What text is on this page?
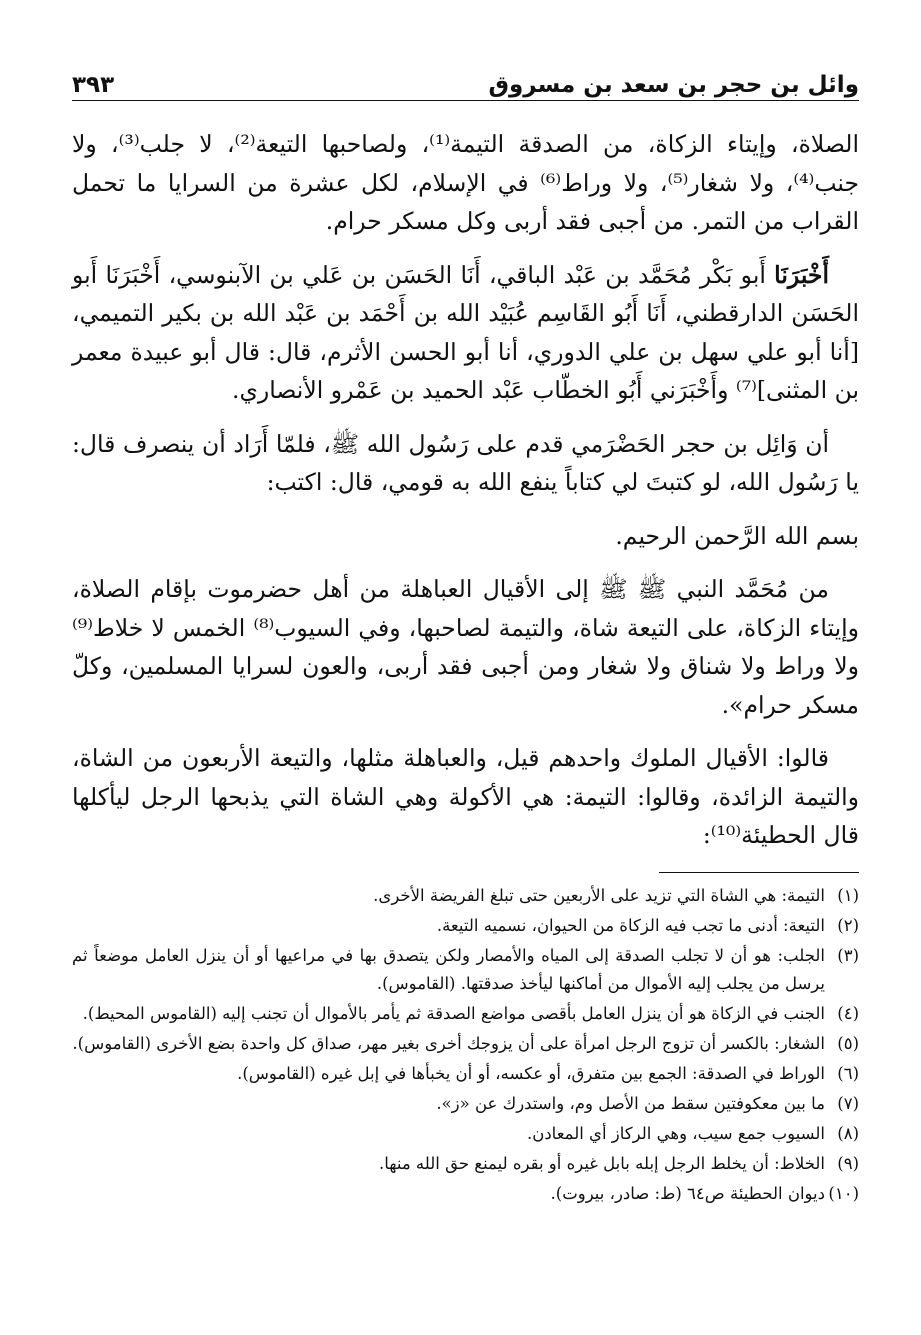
وائل بن حجر بن سعد بن مسروق
٣٩٣

الصلاة، وإيتاء الزكاة، من الصدقة التيمة⁽¹⁾، ولصاحبها التيعة⁽²⁾، لا جلب⁽³⁾، ولا جنب⁽⁴⁾، ولا شغار⁽⁵⁾، ولا وراط⁽⁶⁾ في الإسلام، لكل عشرة من السرايا ما تحمل القراب من التمر. من أجبى فقد أربى وكل مسكر حرام.

أَخْبَرَنَا أَبو بَكْر مُحَمَّد بن عَبْد الباقي، أَنَا الحَسَن بن عَلي بن الآبنوسي، أَخْبَرَنَا أَبو الحَسَن الدارقطني، أَنَا أَبُو القَاسِم عُبَيْد الله بن أَحْمَد بن عَبْد الله بن بكير التميمي، [أنا أبو علي سهل بن علي الدوري، أنا أبو الحسن الأثرم، قال: قال أبو عبيدة معمر بن المثنى]⁽⁷⁾ وأَخْبَرَني أَبُو الخطّاب عَبْد الحميد بن عَمْرو الأنصاري.

أن وَائِل بن حجر الحَضْرَمي قدم على رَسُول الله ﷺ، فلمّا أَرَاد أن ينصرف قال: يا رَسُول الله، لو كتبتَ لي كتاباً ينفع الله به قومي، قال: اكتب:

بسم الله الرَّحمن الرحيم.

من مُحَمَّد النبي ﷺ ﷺ إلى الأقيال العباهلة من أهل حضرموت بإقام الصلاة، وإيتاء الزكاة، على التيعة شاة، والتيمة لصاحبها، وفي السيوب⁽⁸⁾ الخمس لا خلاط⁽⁹⁾ ولا وراط ولا شناق ولا شغار ومن أجبى فقد أربى، والعون لسرايا المسلمين، وكلّ مسكر حرام».

قالوا: الأقيال الملوك واحدهم قيل، والعباهلة مثلها، والتيعة الأربعون من الشاة، والتيمة الزائدة، وقالوا: التيمة: هي الأكولة وهي الشاة التي يذبحها الرجل ليأكلها قال الحطيئة⁽¹⁰⁾:

(١)
التيمة: هي الشاة التي تزيد على الأربعين حتى تبلغ الفريضة الأخرى.
(٢)
التيعة: أدنى ما تجب فيه الزكاة من الحيوان، نسميه التيعة.
(٣)
الجلب: هو أن لا تجلب الصدقة إلى المياه والأمصار ولكن يتصدق بها في مراعيها أو أن ينزل العامل موضعاً ثم يرسل من يجلب إليه الأموال من أماكنها ليأخذ صدقتها. (القاموس).
(٤)
الجنب في الزكاة هو أن ينزل العامل بأقصى مواضع الصدقة ثم يأمر بالأموال أن تجنب إليه (القاموس المحيط).
(٥)
الشغار: بالكسر أن تزوج الرجل امرأة على أن يزوجك أخرى بغير مهر، صداق كل واحدة بضع الأخرى (القاموس).
(٦)
الوراط في الصدقة: الجمع بين متفرق، أو عكسه، أو أن يخبأها في إبل غيره (القاموس).
(٧)
ما بين معكوفتين سقط من الأصل وم، واستدرك عن «ز».
(٨)
السيوب جمع سيب، وهي الركاز أي المعادن.
(٩)
الخلاط: أن يخلط الرجل إبله بابل غيره أو بقره ليمنع حق الله منها.
(١٠)
ديوان الحطيئة ص٦٤ (ط: صادر، بيروت).
